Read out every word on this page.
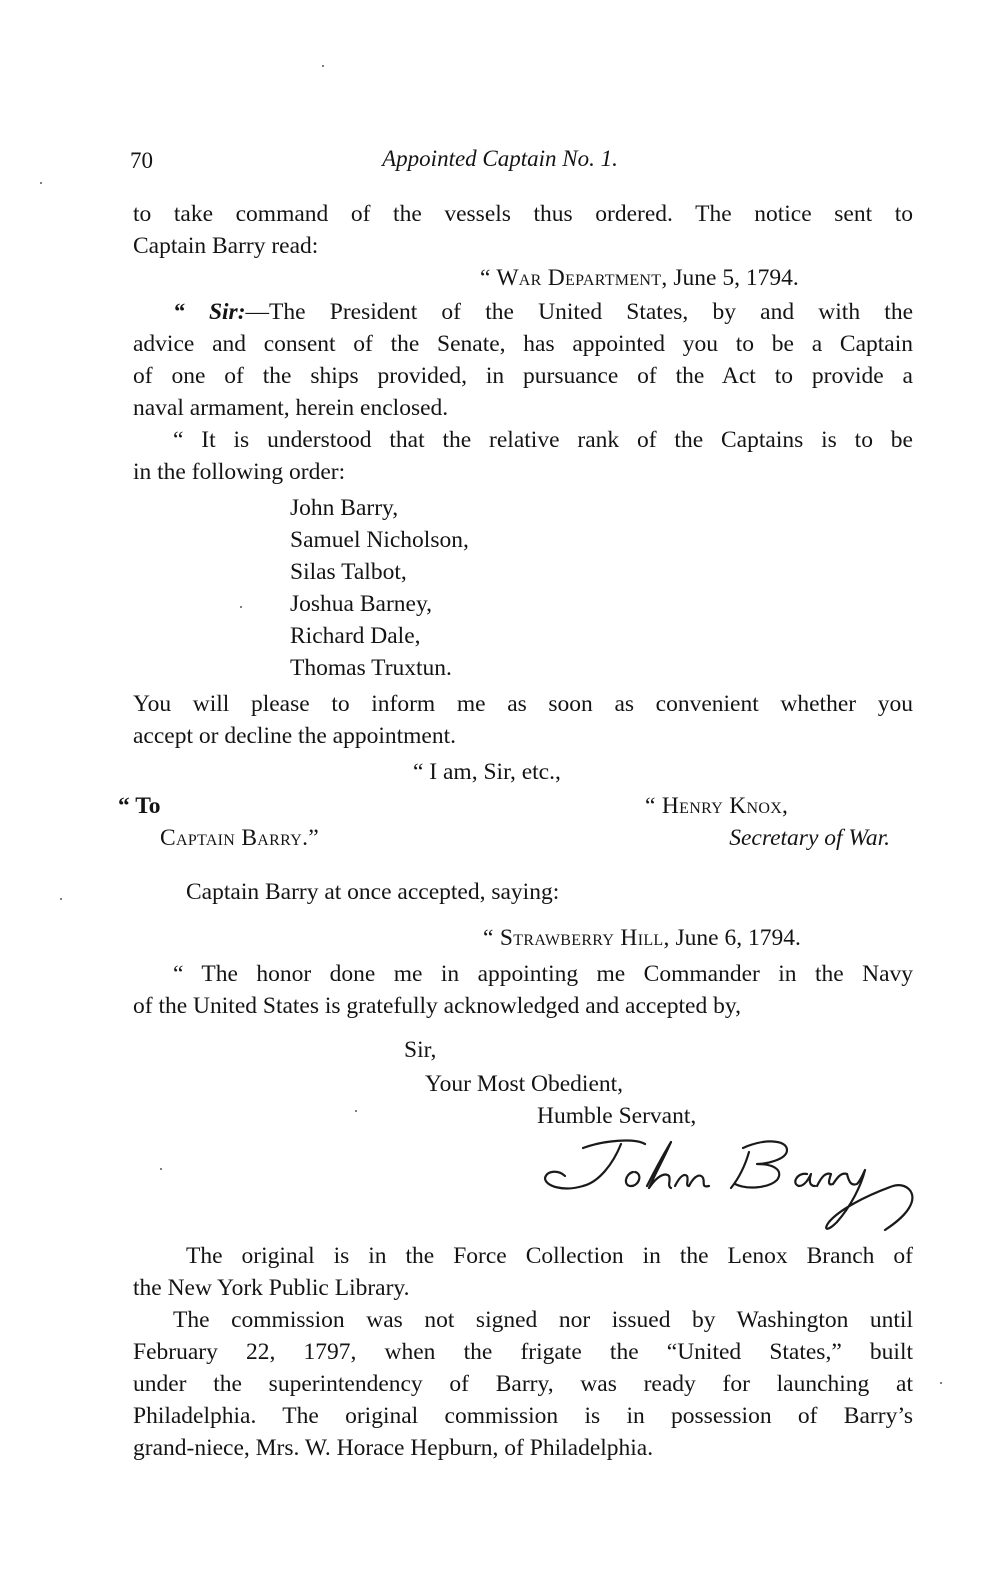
70	Appointed Captain No. 1.
to take command of the vessels thus ordered. The notice sent to
Captain Barry read:
“ War Department, June 5, 1794.
“ Sir:—The President of the United States, by and with the
advice and consent of the Senate, has appointed you to be a Captain
of one of the ships provided, in pursuance of the Act to provide a
naval armament, herein enclosed.
“ It is understood that the relative rank of the Captains is to be
in the following order:
John Barry,
Samuel Nicholson,
Silas Talbot,
Joshua Barney,
Richard Dale,
Thomas Truxtun.
You will please to inform me as soon as convenient whether you
accept or decline the appointment.
“ I am, Sir, etc.,
“ To
Captain Barry.”
“ Henry Knox,
Secretary of War.
Captain Barry at once accepted, saying:
“ Strawberry Hill, June 6, 1794.
“ The honor done me in appointing me Commander in the Navy
of the United States is gratefully acknowledged and accepted by,
Sir,
Your Most Obedient,
Humble Servant,
The original is in the Force Collection in the Lenox Branch of
the New York Public Library.
The commission was not signed nor issued by Washington until
February 22, 1797, when the frigate the “United States,” built
under the superintendency of Barry, was ready for launching at
Philadelphia. The original commission is in possession of Barry’s
grand-niece, Mrs. W. Horace Hepburn, of Philadelphia.
